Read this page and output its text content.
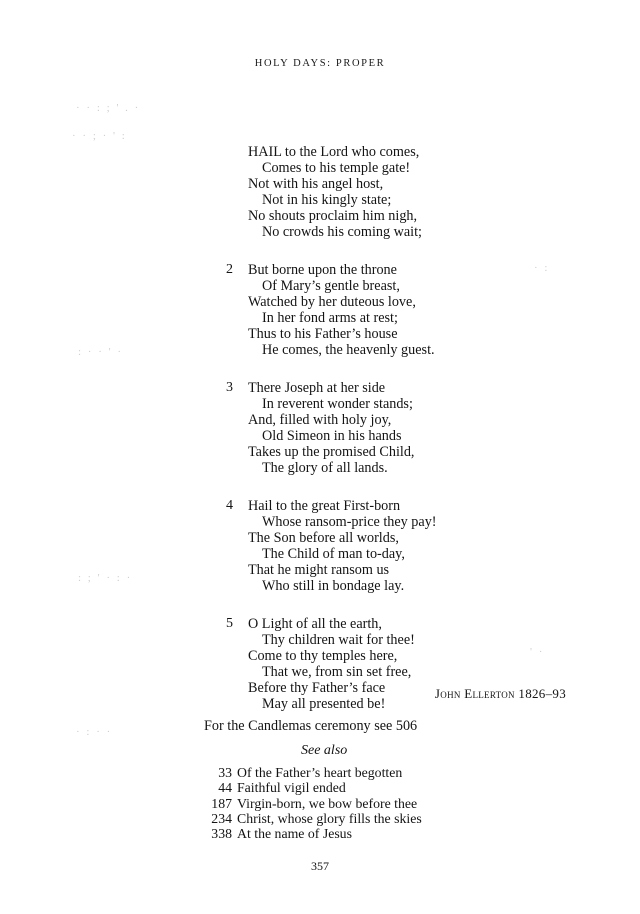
· · : ; ' . ·
· · ; · ' :
: · · ' ·
: ; ' · : ·
· : · ·
· :
' ·
HOLY DAYS: PROPER
HAIL to the Lord who comes,
Comes to his temple gate!
Not with his angel host,
Not in his kingly state;
No shouts proclaim him nigh,
No crowds his coming wait;
2 But borne upon the throne
Of Mary’s gentle breast,
Watched by her duteous love,
In her fond arms at rest;
Thus to his Father’s house
He comes, the heavenly guest.
3 There Joseph at her side
In reverent wonder stands;
And, filled with holy joy,
Old Simeon in his hands
Takes up the promised Child,
The glory of all lands.
4 Hail to the great First-born
Whose ransom-price they pay!
The Son before all worlds,
The Child of man to-day,
That he might ransom us
Who still in bondage lay.
5 O Light of all the earth,
Thy children wait for thee!
Come to thy temples here,
That we, from sin set free,
Before thy Father’s face
May all presented be!
John Ellerton 1826–93
For the Candlemas ceremony see 506
See also
33 Of the Father’s heart begotten
44 Faithful vigil ended
187 Virgin-born, we bow before thee
234 Christ, whose glory fills the skies
338 At the name of Jesus
357
